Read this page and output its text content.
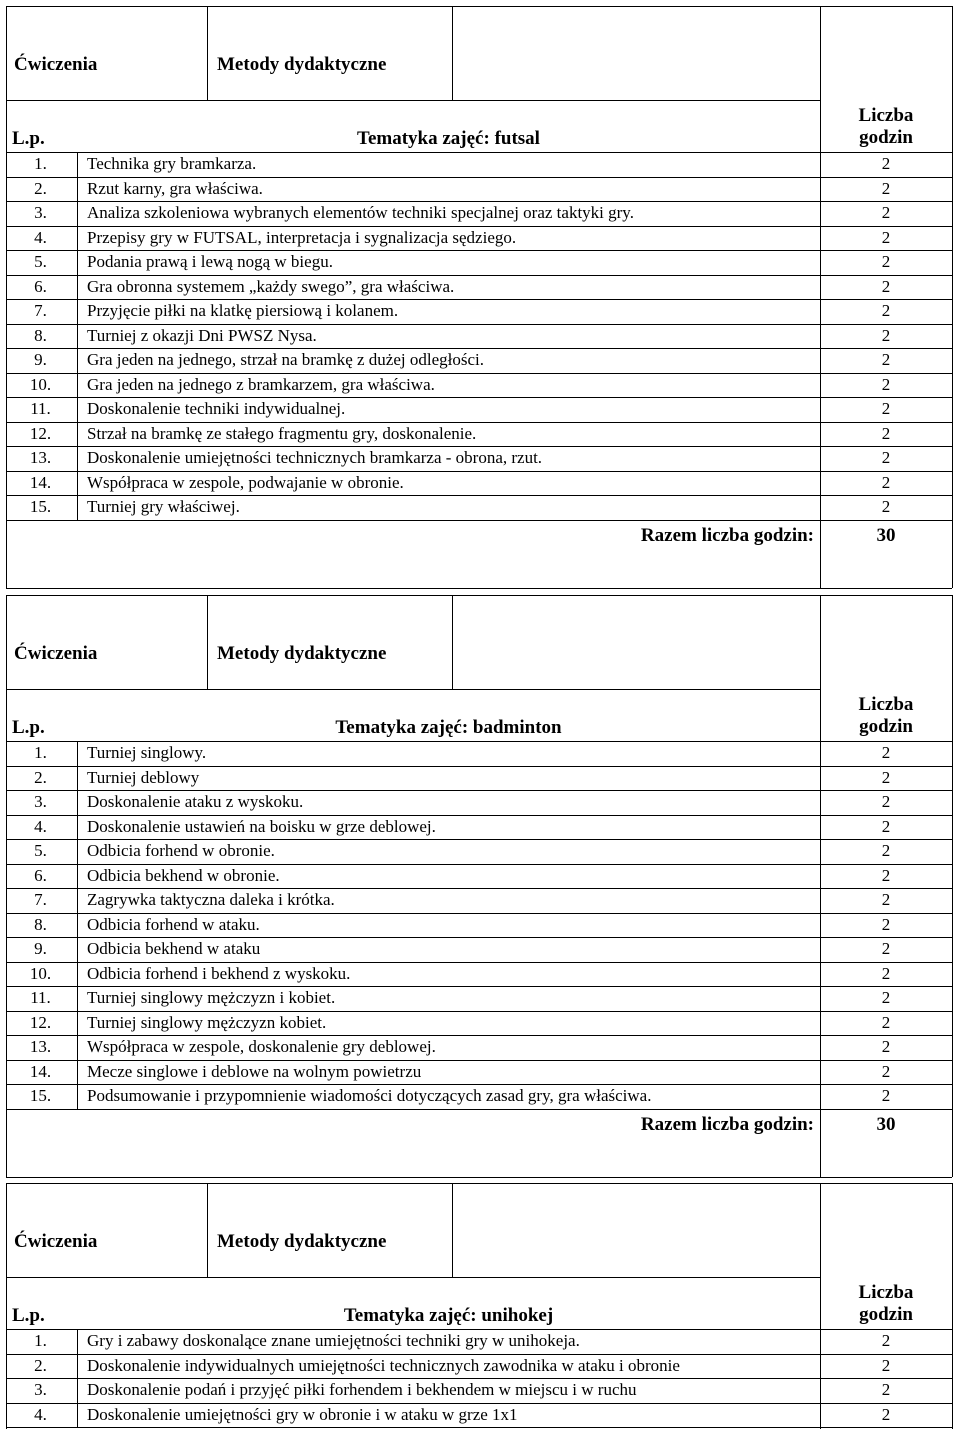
Ćwiczenia	Metody dydaktyczne
Liczba
godzin
L.p.	Tematyka zajęć: futsal
1.	Technika gry bramkarza.	2
2.	Rzut karny, gra właściwa.	2
3.	Analiza szkoleniowa wybranych elementów techniki specjalnej oraz taktyki gry.	2
4.	Przepisy gry w FUTSAL, interpretacja i sygnalizacja sędziego.	2
5.	Podania prawą i lewą nogą w biegu.	2
6.	Gra obronna systemem „każdy swego”, gra właściwa.	2
7.	Przyjęcie piłki na klatkę piersiową i kolanem.	2
8.	Turniej z okazji Dni PWSZ Nysa.	2
9.	Gra jeden na jednego, strzał na bramkę z dużej odległości.	2
10.	Gra jeden na jednego z bramkarzem, gra właściwa.	2
11.	Doskonalenie techniki indywidualnej.	2
12.	Strzał na bramkę ze stałego fragmentu gry, doskonalenie.	2
13.	Doskonalenie umiejętności technicznych bramkarza - obrona, rzut.	2
14.	Współpraca w zespole, podwajanie w obronie.	2
15.	Turniej gry właściwej.	2
Razem liczba godzin:	30
Ćwiczenia	Metody dydaktyczne
Liczba
godzin
L.p.	Tematyka zajęć: badminton
1.	Turniej singlowy.	2
2.	Turniej deblowy	2
3.	Doskonalenie ataku z wyskoku.	2
4.	Doskonalenie ustawień na boisku w grze deblowej.	2
5.	Odbicia forhend w obronie.	2
6.	Odbicia bekhend w obronie.	2
7.	Zagrywka taktyczna daleka i krótka.	2
8.	Odbicia forhend w ataku.	2
9.	Odbicia bekhend w ataku	2
10.	Odbicia forhend i bekhend z wyskoku.	2
11.	Turniej singlowy mężczyzn i kobiet.	2
12.	Turniej singlowy mężczyzn kobiet.	2
13.	Współpraca w zespole, doskonalenie gry deblowej.	2
14.	Mecze singlowe i deblowe na wolnym powietrzu	2
15.	Podsumowanie i przypomnienie wiadomości dotyczących zasad gry, gra właściwa.	2
Razem liczba godzin:	30
Ćwiczenia	Metody dydaktyczne
Liczba
godzin
L.p.	Tematyka zajęć: unihokej
1.	Gry i zabawy doskonalące znane umiejętności techniki gry w unihokeja.	2
2.	Doskonalenie indywidualnych umiejętności technicznych zawodnika w ataku i obronie	2
3.	Doskonalenie podań i przyjęć piłki forhendem i bekhendem w miejscu i w ruchu	2
4.	Doskonalenie umiejętności gry w obronie i w ataku w grze 1x1	2
